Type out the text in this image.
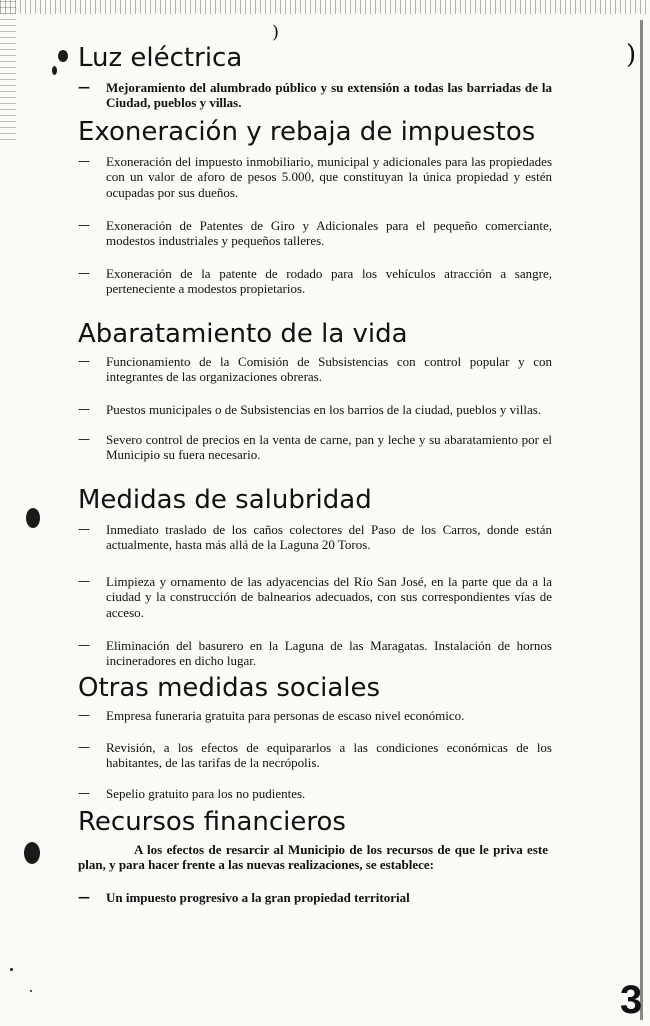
)
)
Luz eléctrica
— Mejoramiento del alumbrado público y su extensión a todas las barriadas de la Ciudad, pueblos y villas.
Exoneración y rebaja de impuestos
— Exoneración del impuesto inmobiliario, municipal y adicionales para las propiedades con un valor de aforo de pesos 5.000, que constituyan la única propiedad y estén ocupadas por sus dueños.
— Exoneración de Patentes de Giro y Adicionales para el pequeño comerciante, modestos industriales y pequeños talleres.
— Exoneración de la patente de rodado para los vehículos atracción a sangre, perteneciente a modestos propietarios.
Abaratamiento de la vida
— Funcionamiento de la Comisión de Subsistencias con control popular y con integrantes de las organizaciones obreras.
— Puestos municipales o de Subsistencias en los barrios de la ciudad, pueblos y villas.
— Severo control de precios en la venta de carne, pan y leche y su abaratamiento por el Municipio su fuera necesario.
Medidas de salubridad
— Inmediato traslado de los caños colectores del Paso de los Carros, donde están actualmente, hasta más allá de la Laguna 20 Toros.
— Limpieza y ornamento de las adyacencias del Río San José, en la parte que da a la ciudad y la construcción de balnearios adecuados, con sus correspondientes vías de acceso.
— Eliminación del basurero en la Laguna de las Maragatas. Instalación de hornos incineradores en dicho lugar.
Otras medidas sociales
— Empresa funeraria gratuita para personas de escaso nivel económico.
— Revisión, a los efectos de equipararlos a las condiciones económicas de los habitantes, de las tarifas de la necrópolis.
— Sepelio gratuito para los no pudientes.
Recursos financieros
A los efectos de resarcir al Municipio de los recursos de que le priva este plan, y para hacer frente a las nuevas realizaciones, se establece:
— Un impuesto progresivo a la gran propiedad territorial
3
